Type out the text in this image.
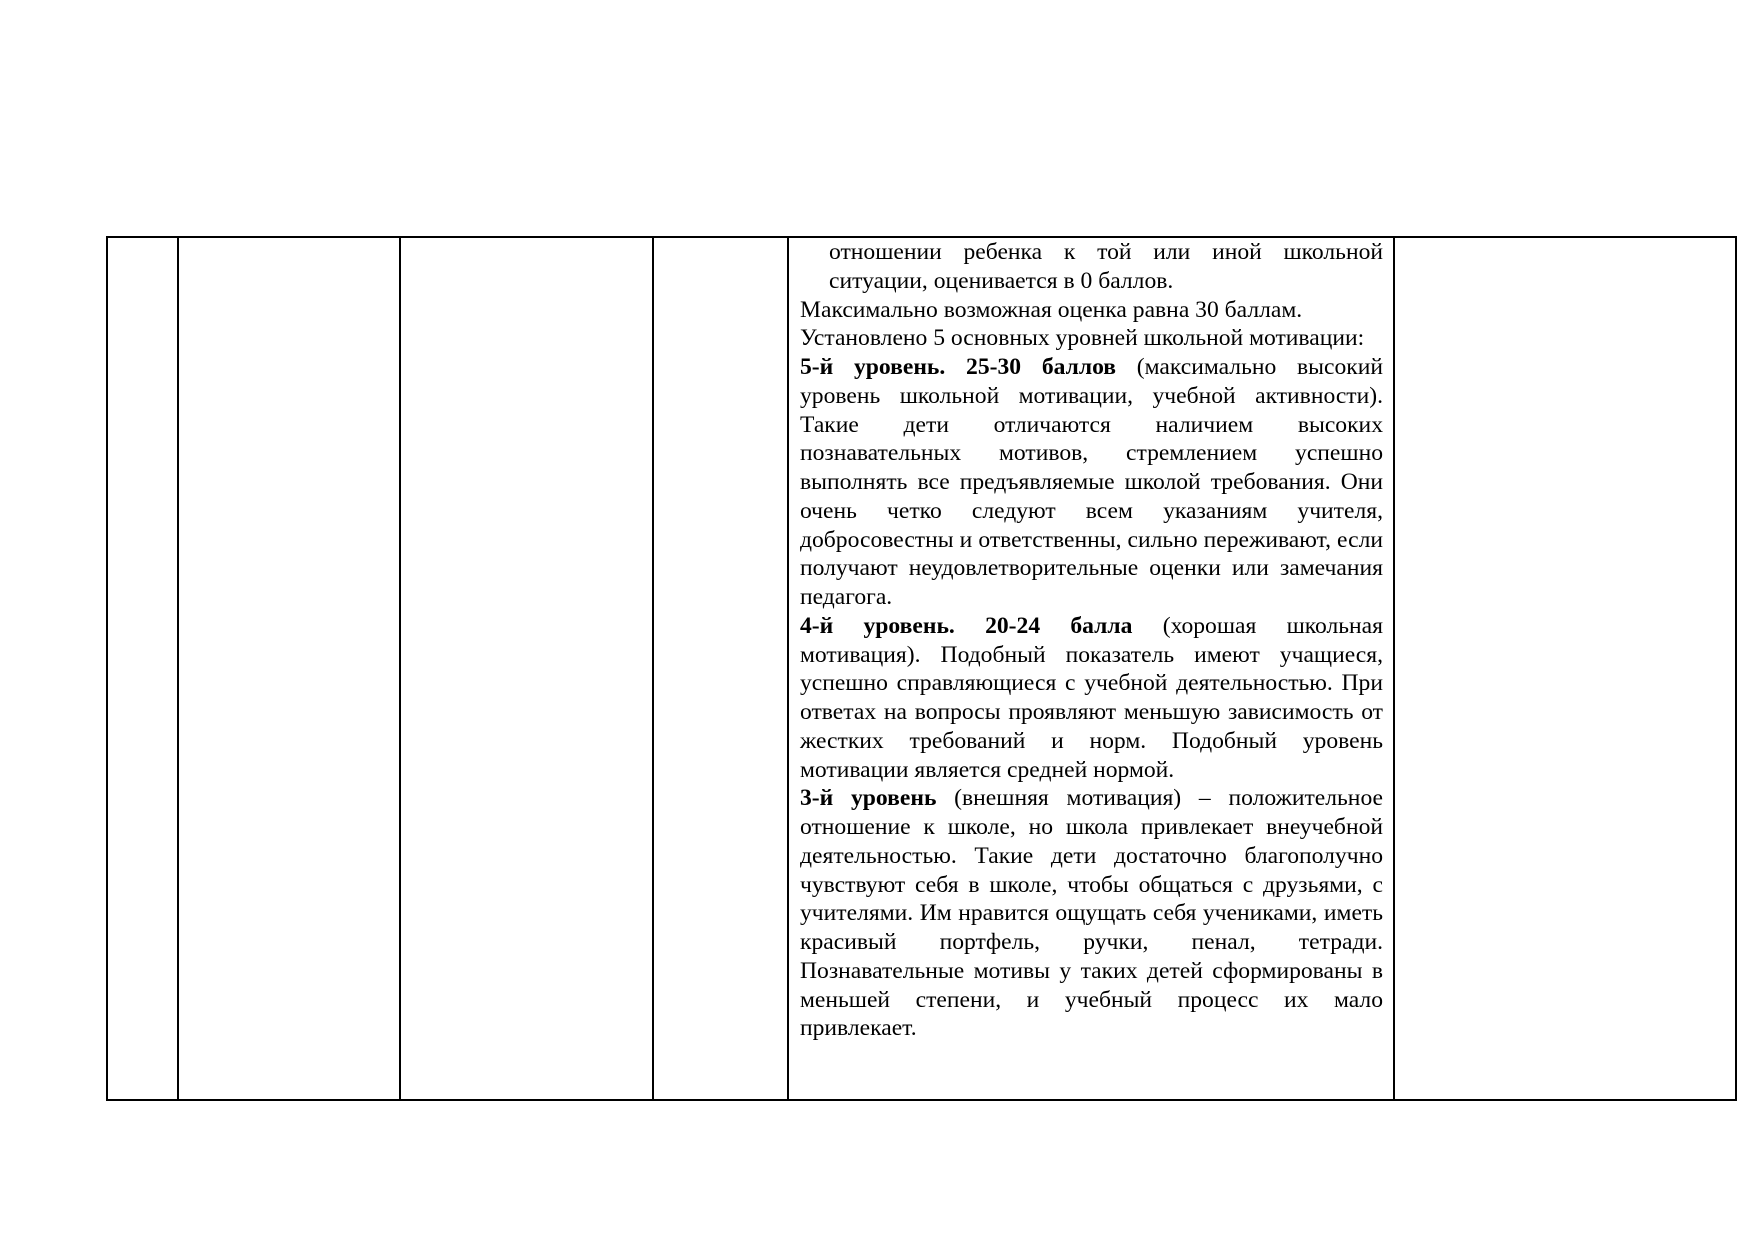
отношении ребенка к той или иной школьной ситуации, оценивается в 0 баллов.

Максимально возможная оценка равна 30 баллам.

Установлено 5 основных уровней школьной мотивации:

5-й уровень. 25-30 баллов (максимально высокий уровень школьной мотивации, учебной активности). Такие дети отличаются наличием высоких познавательных мотивов, стремлением успешно выполнять все предъявляемые школой требования. Они очень четко следуют всем указаниям учителя, добросовестны и ответственны, сильно переживают, если получают неудовлетворительные оценки или замечания педагога.

4-й уровень. 20-24 балла (хорошая школьная мотивация). Подобный показатель имеют учащиеся, успешно справляющиеся с учебной деятельностью. При ответах на вопросы проявляют меньшую зависимость от жестких требований и норм. Подобный уровень мотивации является средней нормой.

3-й уровень (внешняя мотивация) – положительное отношение к школе, но школа привлекает внеучебной деятельностью. Такие дети достаточно благополучно чувствуют себя в школе, чтобы общаться с друзьями, с учителями. Им нравится ощущать себя учениками, иметь красивый портфель, ручки, пенал, тетради. Познавательные мотивы у таких детей сформированы в меньшей степени, и учебный процесс их мало привлекает.
